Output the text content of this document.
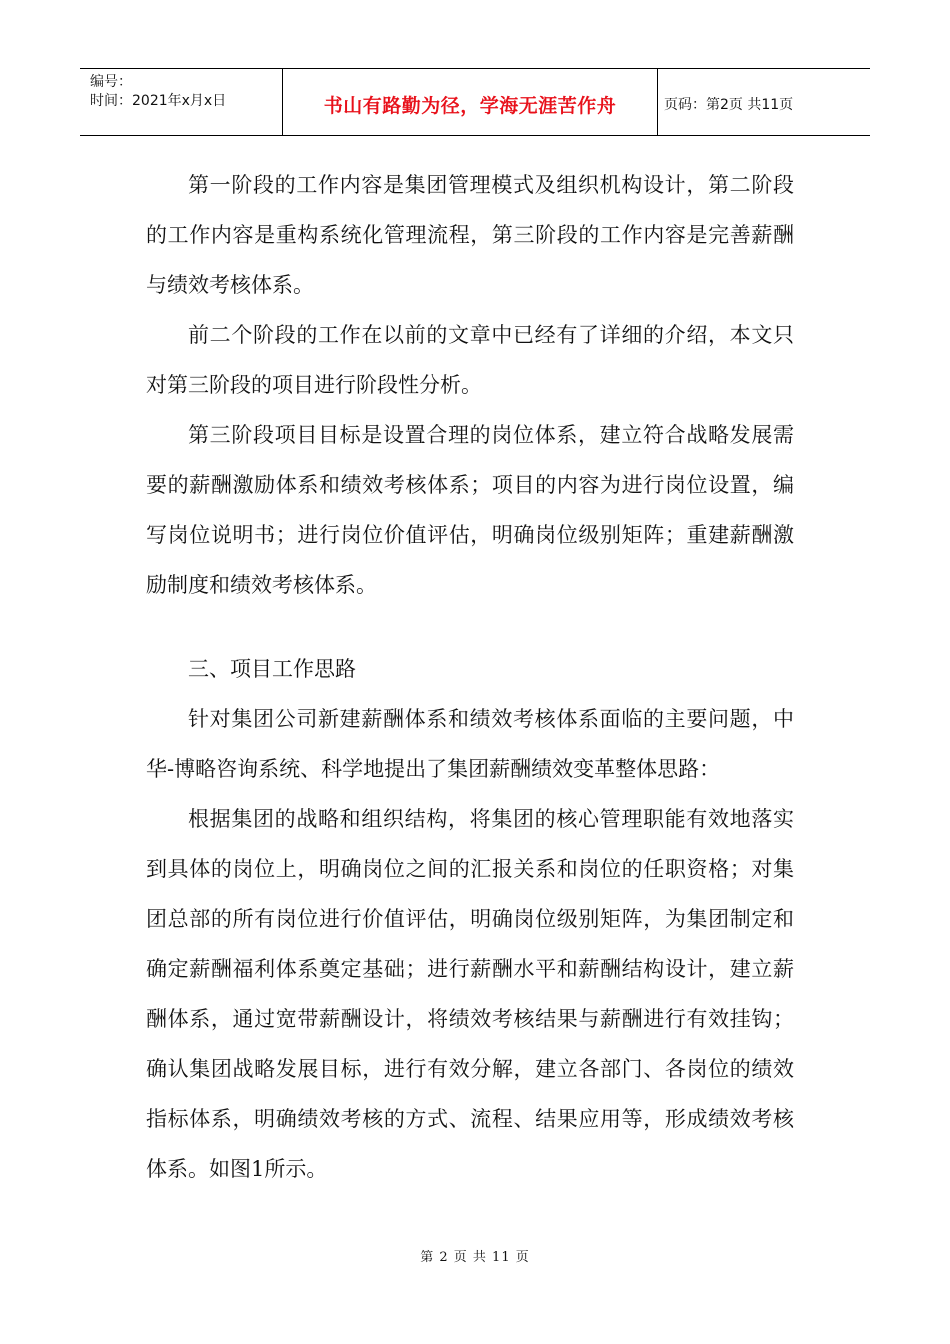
编号：
时间：2021年x月x日	书山有路勤为径，学海无涯苦作舟	页码：第2页 共11页

第一阶段的工作内容是集团管理模式及组织机构设计，第二阶段的工作内容是重构系统化管理流程，第三阶段的工作内容是完善薪酬与绩效考核体系。

前二个阶段的工作在以前的文章中已经有了详细的介绍，本文只对第三阶段的项目进行阶段性分析。

第三阶段项目目标是设置合理的岗位体系，建立符合战略发展需要的薪酬激励体系和绩效考核体系；项目的内容为进行岗位设置，编写岗位说明书；进行岗位价值评估，明确岗位级别矩阵；重建薪酬激励制度和绩效考核体系。

三、项目工作思路

针对集团公司新建薪酬体系和绩效考核体系面临的主要问题，中华-博略咨询系统、科学地提出了集团薪酬绩效变革整体思路：

根据集团的战略和组织结构，将集团的核心管理职能有效地落实到具体的岗位上，明确岗位之间的汇报关系和岗位的任职资格；对集团总部的所有岗位进行价值评估，明确岗位级别矩阵，为集团制定和确定薪酬福利体系奠定基础；进行薪酬水平和薪酬结构设计，建立薪酬体系，通过宽带薪酬设计，将绩效考核结果与薪酬进行有效挂钩；确认集团战略发展目标，进行有效分解，建立各部门、各岗位的绩效指标体系，明确绩效考核的方式、流程、结果应用等，形成绩效考核体系。如图1所示。

第 2 页 共 11 页
